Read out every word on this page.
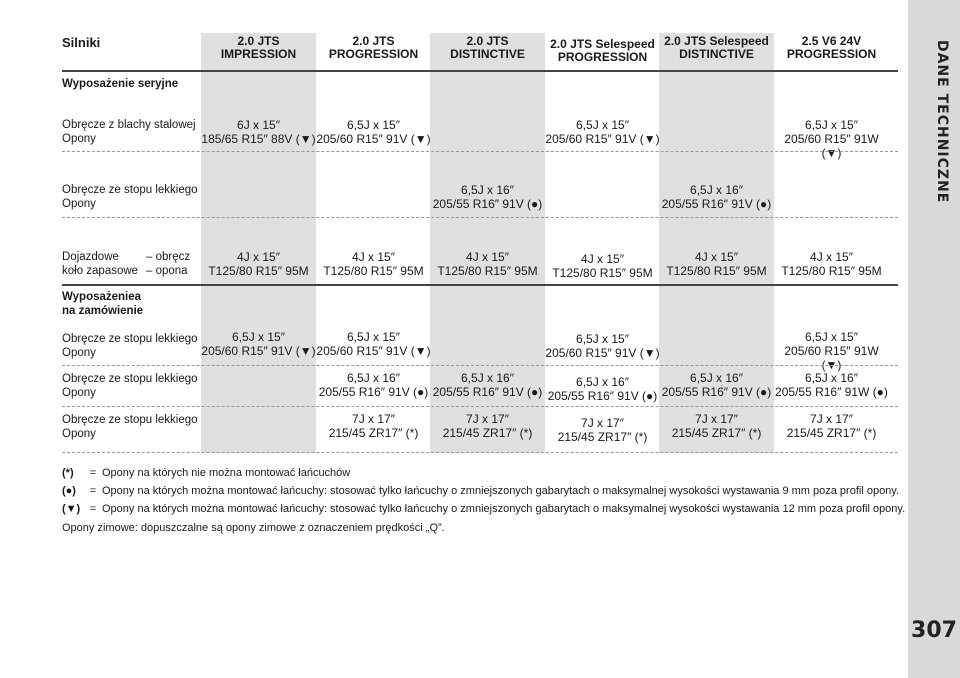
DANE TECHNICZNE
307
Silniki	2.0 JTS
IMPRESSION
2.0 JTS
PROGRESSION
2.0 JTS
DISTINCTIVE
2.0 JTS Selespeed
PROGRESSION
2.0 JTS Selespeed
DISTINCTIVE
2.5 V6 24V
PROGRESSION
Wyposażenie seryjne
Obręcze z blachy stalowej
Opony
6J x 15″
185/65 R15″ 88V (▼)
6,5J x 15″
205/60 R15″ 91V (▼)
6,5J x 15″
205/60 R15″ 91V (▼)
6,5J x 15″
205/60 R15″ 91W (▼)
Obręcze ze stopu lekkiego
Opony
6,5J x 16″
205/55 R16″ 91V (●)
6,5J x 16″
205/55 R16″ 91V (●)
Dojazdowe – obręcz
koło zapasowe – opona
4J x 15″
T125/80 R15″ 95M
4J x 15″
T125/80 R15″ 95M
4J x 15″
T125/80 R15″ 95M
4J x 15″
T125/80 R15″ 95M
4J x 15″
T125/80 R15″ 95M
4J x 15″
T125/80 R15″ 95M
Wyposażeniea
na zamówienie
Obręcze ze stopu lekkiego
Opony
6,5J x 15″
205/60 R15″ 91V (▼)
6,5J x 15″
205/60 R15″ 91V (▼)
6,5J x 15″
205/60 R15″ 91V (▼)
6,5J x 15″
205/60 R15″ 91W (▼)
Obręcze ze stopu lekkiego
Opony
6,5J x 16″
205/55 R16″ 91V (●)
6,5J x 16″
205/55 R16″ 91V (●)
6,5J x 16″
205/55 R16″ 91V (●)
6,5J x 16″
205/55 R16″ 91V (●)
6,5J x 16″
205/55 R16″ 91W (●)
Obręcze ze stopu lekkiego
Opony
7J x 17″
215/45 ZR17″ (*)
7J x 17″
215/45 ZR17″ (*)
7J x 17″
215/45 ZR17″ (*)
7J x 17″
215/45 ZR17″ (*)
7J x 17″
215/45 ZR17″ (*)
(*) = Opony na których nie można montować łańcuchów
(●) = Opony na których można montować łańcuchy: stosować tylko łańcuchy o zmniejszonych gabarytach o maksymalnej wysokości wystawania 9 mm poza profil opony.
(▼) = Opony na których można montować łańcuchy: stosować tylko łańcuchy o zmniejszonych gabarytach o maksymalnej wysokości wystawania 12 mm poza profil opony.
Opony zimowe: dopuszczalne są opony zimowe z oznaczeniem prędkości „Q”.
